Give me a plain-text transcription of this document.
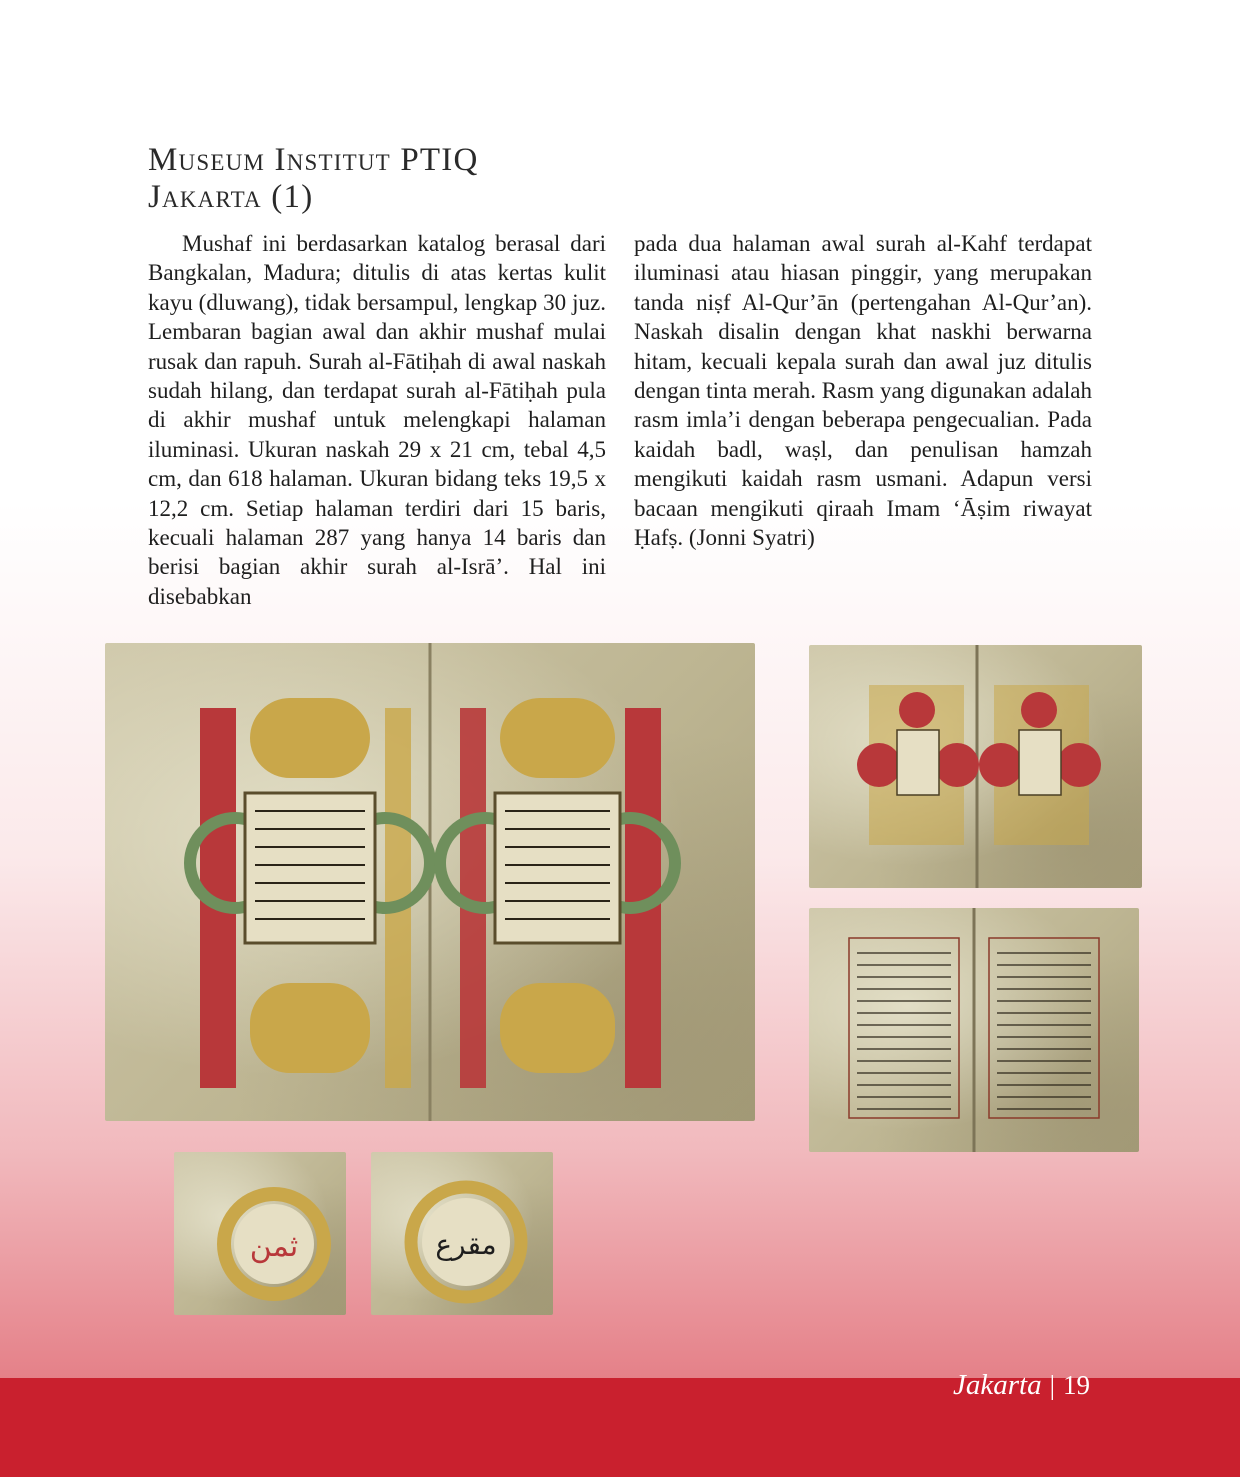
Museum Institut PTIQ
Jakarta (1)

Mushaf ini berdasarkan katalog berasal dari Bangkalan, Madura; ditulis di atas kertas kulit kayu (dluwang), tidak bersampul, lengkap 30 juz. Lembaran bagian awal dan akhir mushaf mulai rusak dan rapuh. Surah al-Fātiḥah di awal naskah sudah hilang, dan terdapat surah al-Fātiḥah pula di akhir mushaf untuk melengkapi halaman iluminasi. Ukuran naskah 29 x 21 cm, tebal 4,5 cm, dan 618 halaman. Ukuran bidang teks 19,5 x 12,2 cm. Setiap halaman terdiri dari 15 baris, kecuali halaman 287 yang hanya 14 baris dan berisi bagian akhir surah al-Isrā’. Hal ini disebabkan

pada dua halaman awal surah al-Kahf terdapat iluminasi atau hiasan pinggir, yang merupakan tanda niṣf Al-Qur’ān (pertengahan Al-Qur’an). Naskah disalin dengan khat naskhi berwarna hitam, kecuali kepala surah dan awal juz ditulis dengan tinta merah. Rasm yang digunakan adalah rasm imla’i dengan beberapa pengecualian. Pada kaidah badl, waṣl, dan penulisan hamzah mengikuti kaidah rasm usmani. Adapun versi bacaan mengikuti qiraah Imam ‘Āṣim riwayat Ḥafṣ. (Jonni Syatri)

ثمن	مقرع
Jakarta | 19
